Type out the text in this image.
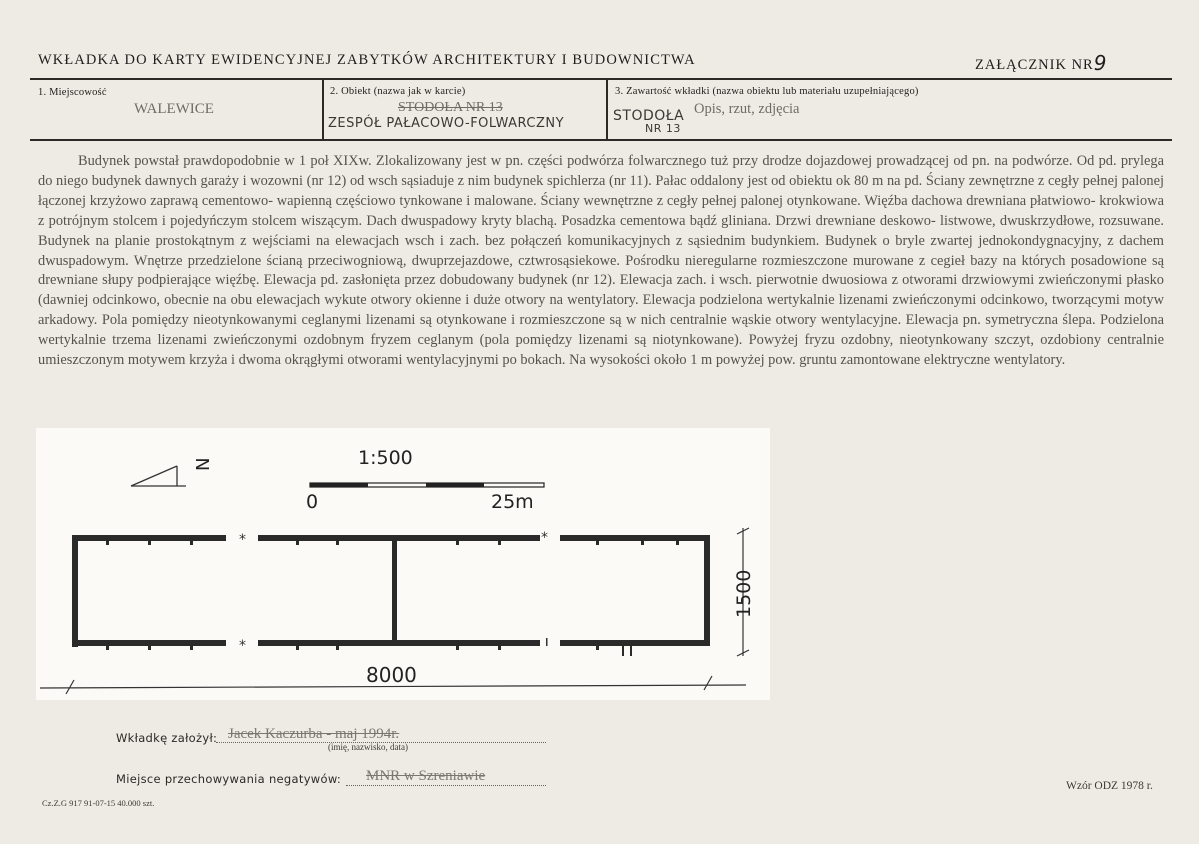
WKŁADKA DO KARTY EWIDENCYJNEJ ZABYTKÓW ARCHITEKTURY I BUDOWNICTWA	ZAŁĄCZNIK NR9
1. Miejscowość
WALEWICE
2. Obiekt (nazwa jak w karcie)
STODOŁA NR 13
ZESPÓŁ PAŁACOWO-FOLWARCZNY
3. Zawartość wkładki (nazwa obiektu lub materiału uzupełniającego)
STODOŁA
NR 13
Opis, rzut, zdjęcia
Budynek powstał prawdopodobnie w 1 poł XIXw. Zlokalizowany jest w pn. części podwórza folwarcznego tuż przy drodze dojazdowej prowadzącej od pn. na podwórze. Od pd. prylega do niego budynek dawnych garaży i wozowni (nr 12) od wsch sąsiaduje z nim budynek spichlerza (nr 11). Pałac oddalony jest od obiektu ok 80 m na pd. Ściany zewnętrzne z cegły pełnej palonej łączonej krzyżowo zaprawą cementowo- wapienną częściowo tynkowane i malowane. Ściany wewnętrzne z cegły pełnej palonej otynkowane. Więźba dachowa drewniana płatwiowo- krokwiowa z potrójnym stolcem i pojedyńczym stolcem wiszącym. Dach dwuspadowy kryty blachą. Posadzka cementowa bądź gliniana. Drzwi drewniane deskowo- listwowe, dwuskrzydłowe, rozsuwane. Budynek na planie prostokątnym z wejściami na elewacjach wsch i zach. bez połączeń komunikacyjnych z sąsiednim budynkiem. Budynek o bryle zwartej jednokondygnacyjny, z dachem dwuspadowym. Wnętrze przedzielone ścianą przeciwogniową, dwuprzejazdowe, cztwrosąsiekowe. Pośrodku nieregularne rozmieszczone murowane z cegieł bazy na których posadowione są drewniane słupy podpierające więźbę. Elewacja pd. zasłonięta przez dobudowany budynek (nr 12). Elewacja zach. i wsch. pierwotnie dwuosiowa z otworami drzwiowymi zwieńczonymi płasko (dawniej odcinkowo, obecnie na obu elewacjach wykute otwory okienne i duże otwory na wentylatory. Elewacja podzielona wertykalnie lizenami zwieńczonymi odcinkowo, tworzącymi motyw arkadowy. Pola pomiędzy nieotynkowanymi ceglanymi lizenami są otynkowane i rozmieszczone są w nich centralnie wąskie otwory wentylacyjne. Elewacja pn. symetryczna ślepa. Podzielona wertykalnie trzema lizenami zwieńczonymi ozdobnym fryzem ceglanym (pola pomiędzy lizenami są niotynkowane). Powyżej fryzu ozdobny, nieotynkowany szczyt, ozdobiony centralnie umieszczonym motywem krzyża i dwoma okrągłymi otworami wentylacyjnymi po bokach. Na wysokości około 1 m powyżej pow. gruntu zamontowane elektryczne wentylatory.
N	1:500
0	25m
*
*
*
1500
8000
Wkładkę założył: Jacek Kaczurba - maj 1994r.
(imię, nazwisko, data)
Miejsce przechowywania negatywów: MNR w Szreniawie
Wzór ODZ 1978 r.
Cz.Z.G 917 91-07-15 40.000 szt.
